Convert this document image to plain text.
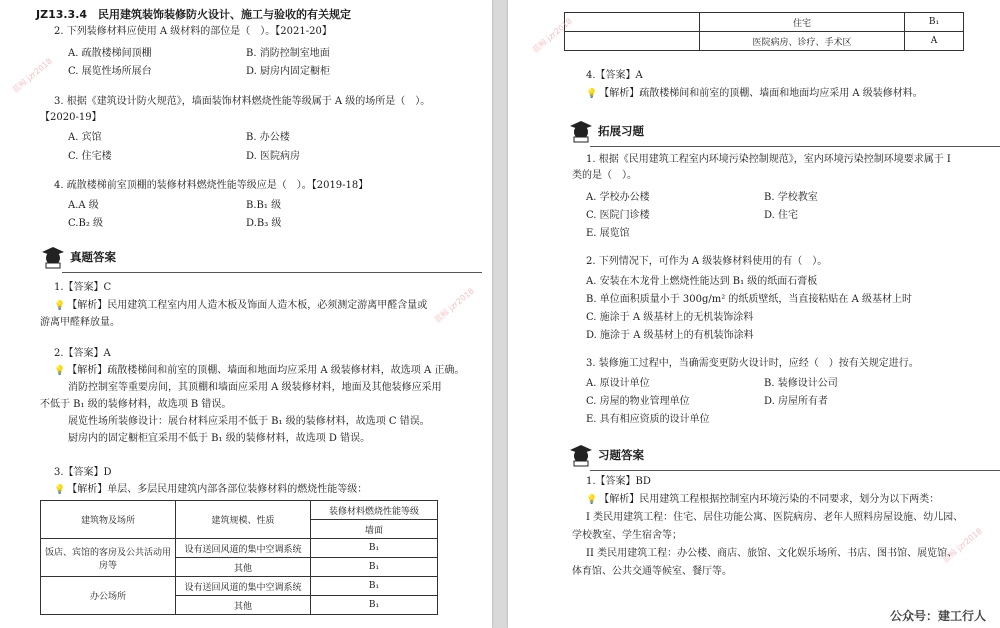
JZ13.3.4　民用建筑装饰装修防火设计、施工与验收的有关规定
2. 下列装修材料应使用 A 级材料的部位是（　）。【2021-20】
A. 疏散楼梯间顶棚	B. 消防控制室地面
C. 展览性场所展台	D. 厨房内固定橱柜
3. 根据《建筑设计防火规范》，墙面装饰材料燃烧性能等级属于 A 级的场所是（　）。
【2020-19】
A. 宾馆	B. 办公楼
C. 住宅楼	D. 医院病房
4. 疏散楼梯前室顶棚的装修材料燃烧性能等级应是（　）。【2019-18】
A.A 级	B.B₁ 级
C.B₂ 级	D.B₃ 级
真题答案
1.【答案】C
💡 【解析】民用建筑工程室内用人造木板及饰面人造木板，必须测定游离甲醛含量或
游离甲醛释放量。
2.【答案】A
💡 【解析】疏散楼梯间和前室的顶棚、墙面和地面均应采用 A 级装修材料，故选项 A 正确。
消防控制室等重要房间，其顶棚和墙面应采用 A 级装修材料，地面及其他装修应采用
不低于 B₁ 级的装修材料，故选项 B 错误。
展览性场所装修设计：展台材料应采用不低于 B₁ 级的装修材料，故选项 C 错误。
厨房内的固定橱柜宜采用不低于 B₁ 级的装修材料，故选项 D 错误。
3.【答案】D
💡 【解析】单层、多层民用建筑内部各部位装修材料的燃烧性能等级：
建筑物及场所	建筑规模、性质	装修材料燃烧性能等级
		墙面
饭店、宾馆的客房及公共活动用房等	设有送回风道的集中空调系统	B₁
	其他	B₁
办公场所	设有送回风道的集中空调系统	B₁
	其他	B₁
蓝鲸 jzr2018
蓝鲸 jzr2018
	住宅	B₁
	医院病房、诊疗、手术区	A
4.【答案】A
💡 【解析】疏散楼梯间和前室的顶棚、墙面和地面均应采用 A 级装修材料。
拓展习题
1. 根据《民用建筑工程室内环境污染控制规范》，室内环境污染控制环境要求属于 I
类的是（　）。
A. 学校办公楼	B. 学校教室
C. 医院门诊楼	D. 住宅
E. 展览馆
2. 下列情况下，可作为 A 级装修材料使用的有（　）。
A. 安装在木龙骨上燃烧性能达到 B₁ 级的纸面石膏板
B. 单位面积质量小于 300g/m² 的纸质壁纸，当直接粘贴在 A 级基材上时
C. 施涂于 A 级基材上的无机装饰涂料
D. 施涂于 A 级基材上的有机装饰涂料
3. 装修施工过程中，当确需变更防火设计时，应经（　）按有关规定进行。
A. 原设计单位	B. 装修设计公司
C. 房屋的物业管理单位	D. 房屋所有者
E. 具有相应资质的设计单位
习题答案
1.【答案】BD
💡 【解析】民用建筑工程根据控制室内环境污染的不同要求，划分为以下两类：
I 类民用建筑工程：住宅、居住功能公寓、医院病房、老年人照料房屋设施、幼儿园、
学校教室、学生宿舍等；
II 类民用建筑工程：办公楼、商店、旅馆、文化娱乐场所、书店、图书馆、展览馆、
体育馆、公共交通等候室、餐厅等。
蓝鲸 jzr2018
蓝鲸 jzr2018
公众号：建工行人
